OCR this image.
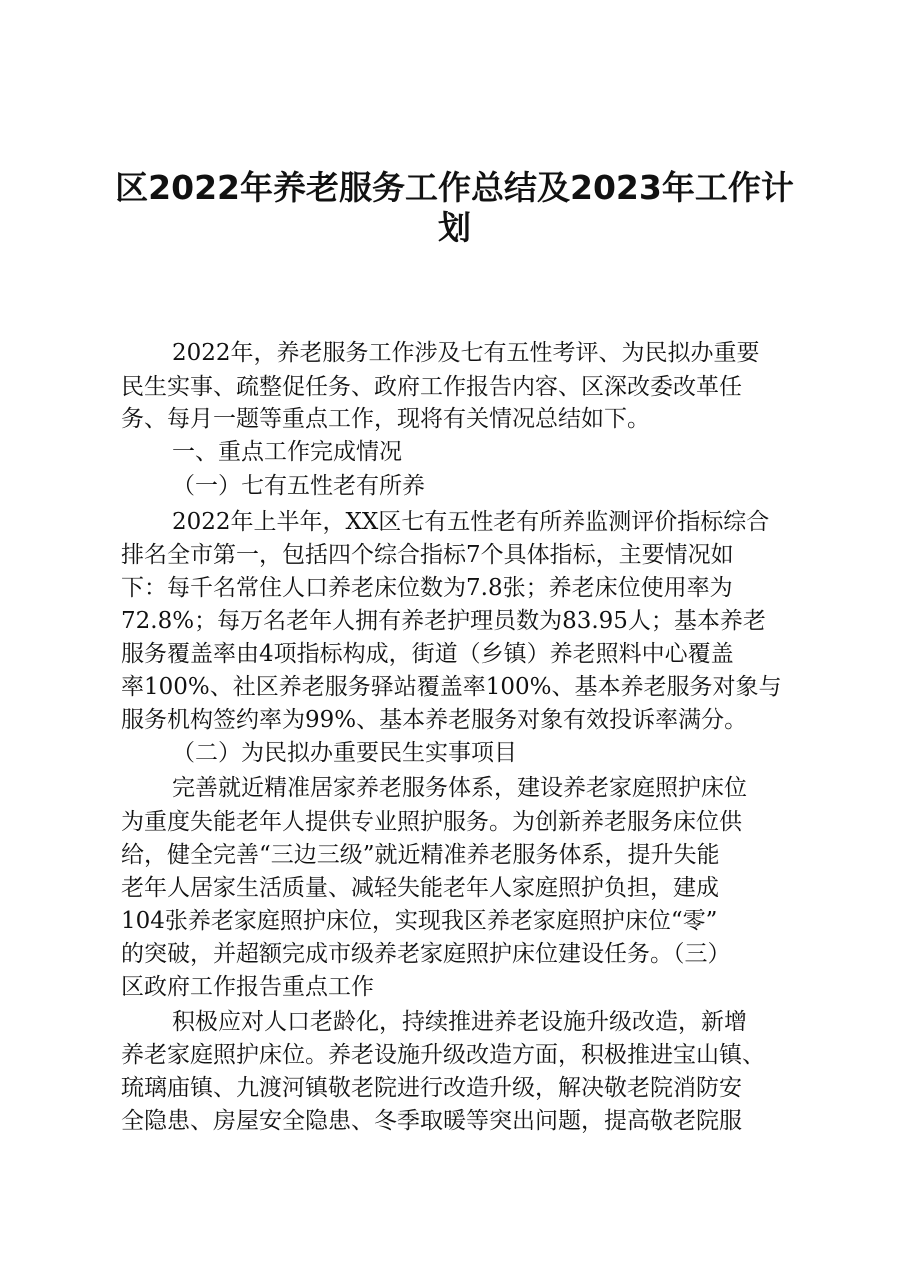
区2022年养老服务工作总结及2023年工作计
划
2022年，养老服务工作涉及七有五性考评、为民拟办重要
民生实事、疏整促任务、政府工作报告内容、区深改委改革任
务、每月一题等重点工作，现将有关情况总结如下。
一、重点工作完成情况
（一）七有五性老有所养
2022年上半年，XX区七有五性老有所养监测评价指标综合
排名全市第一，包括四个综合指标7个具体指标，主要情况如
下：每千名常住人口养老床位数为7.8张；养老床位使用率为
72.8%；每万名老年人拥有养老护理员数为83.95人；基本养老
服务覆盖率由4项指标构成，街道（乡镇）养老照料中心覆盖
率100%、社区养老服务驿站覆盖率100%、基本养老服务对象与
服务机构签约率为99%、基本养老服务对象有效投诉率满分。
（二）为民拟办重要民生实事项目
完善就近精准居家养老服务体系，建设养老家庭照护床位
为重度失能老年人提供专业照护服务。为创新养老服务床位供
给，健全完善“三边三级”就近精准养老服务体系，提升失能
老年人居家生活质量、减轻失能老年人家庭照护负担，建成
104张养老家庭照护床位，实现我区养老家庭照护床位“零”
的突破，并超额完成市级养老家庭照护床位建设任务。（三）
区政府工作报告重点工作
积极应对人口老龄化，持续推进养老设施升级改造，新增
养老家庭照护床位。养老设施升级改造方面，积极推进宝山镇、
琉璃庙镇、九渡河镇敬老院进行改造升级，解决敬老院消防安
全隐患、房屋安全隐患、冬季取暖等突出问题，提高敬老院服
